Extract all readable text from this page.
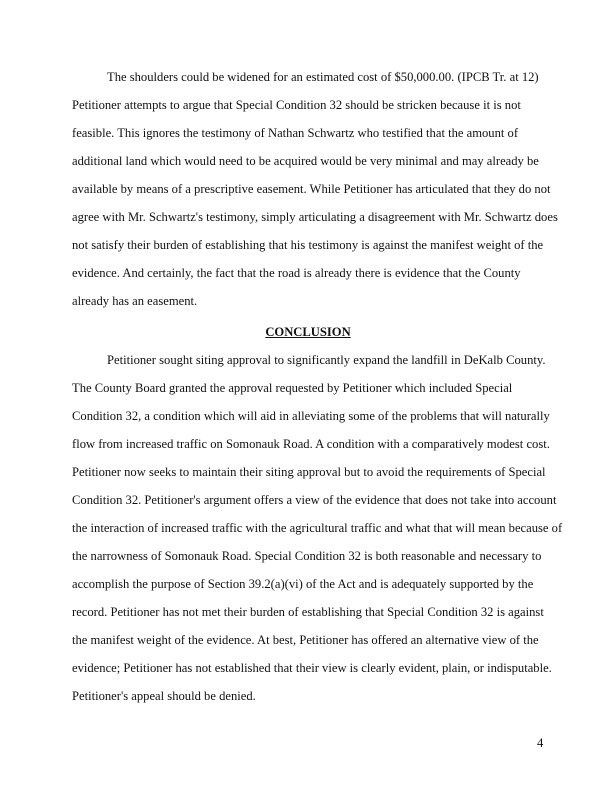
The shoulders could be widened for an estimated cost of $50,000.00. (IPCB Tr. at 12)
Petitioner attempts to argue that Special Condition 32 should be stricken because it is not
feasible. This ignores the testimony of Nathan Schwartz who testified that the amount of
additional land which would need to be acquired would be very minimal and may already be
available by means of a prescriptive easement. While Petitioner has articulated that they do not
agree with Mr. Schwartz's testimony, simply articulating a disagreement with Mr. Schwartz does
not satisfy their burden of establishing that his testimony is against the manifest weight of the
evidence. And certainly, the fact that the road is already there is evidence that the County
already has an easement.
CONCLUSION
Petitioner sought siting approval to significantly expand the landfill in DeKalb County.
The County Board granted the approval requested by Petitioner which included Special
Condition 32, a condition which will aid in alleviating some of the problems that will naturally
flow from increased traffic on Somonauk Road. A condition with a comparatively modest cost.
Petitioner now seeks to maintain their siting approval but to avoid the requirements of Special
Condition 32. Petitioner's argument offers a view of the evidence that does not take into account
the interaction of increased traffic with the agricultural traffic and what that will mean because of
the narrowness of Somonauk Road. Special Condition 32 is both reasonable and necessary to
accomplish the purpose of Section 39.2(a)(vi) of the Act and is adequately supported by the
record. Petitioner has not met their burden of establishing that Special Condition 32 is against
the manifest weight of the evidence. At best, Petitioner has offered an alternative view of the
evidence; Petitioner has not established that their view is clearly evident, plain, or indisputable.
Petitioner's appeal should be denied.
4
